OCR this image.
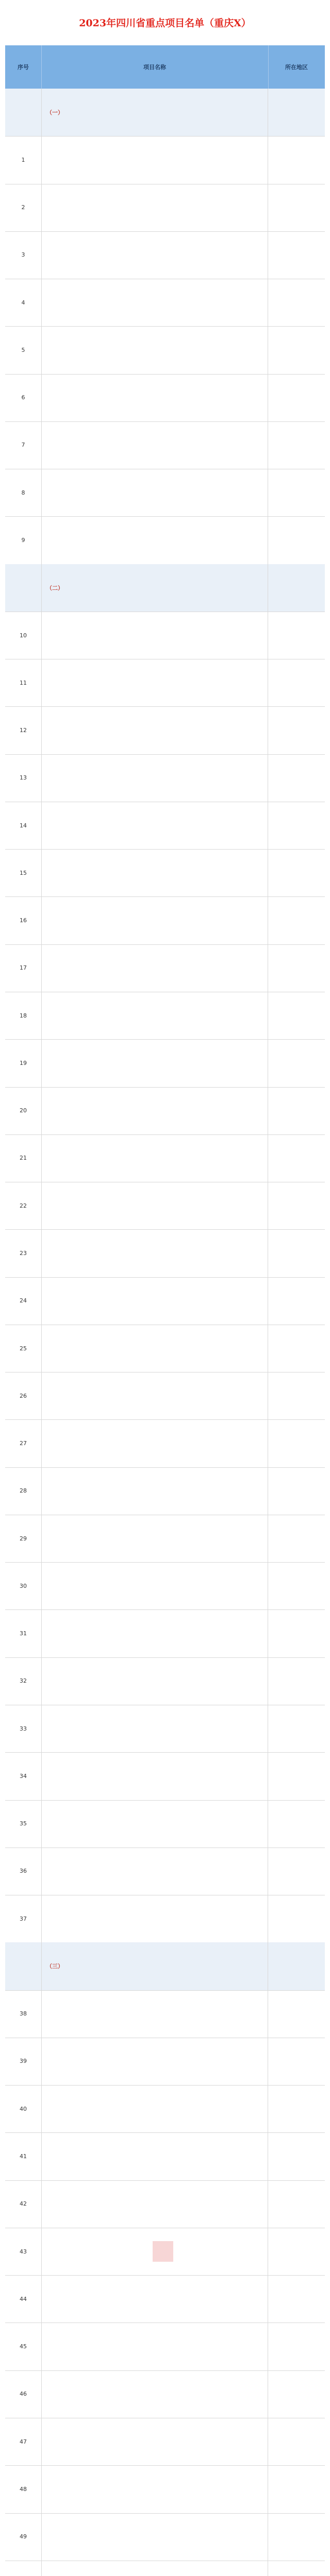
2023年四川省重点项目名单（重庆X）
序号	项目名称	所在地区
（一）
1
2
3
4
5
6
7
8
9
（二）
10
11
12
13
14
15
16
17
18
19
20
21
22
23
24
25
26
27
28
29
30
31
32
33
34
35
36
37
（三）
38
39
40
41
42
43
44
45
46
47
48
49
